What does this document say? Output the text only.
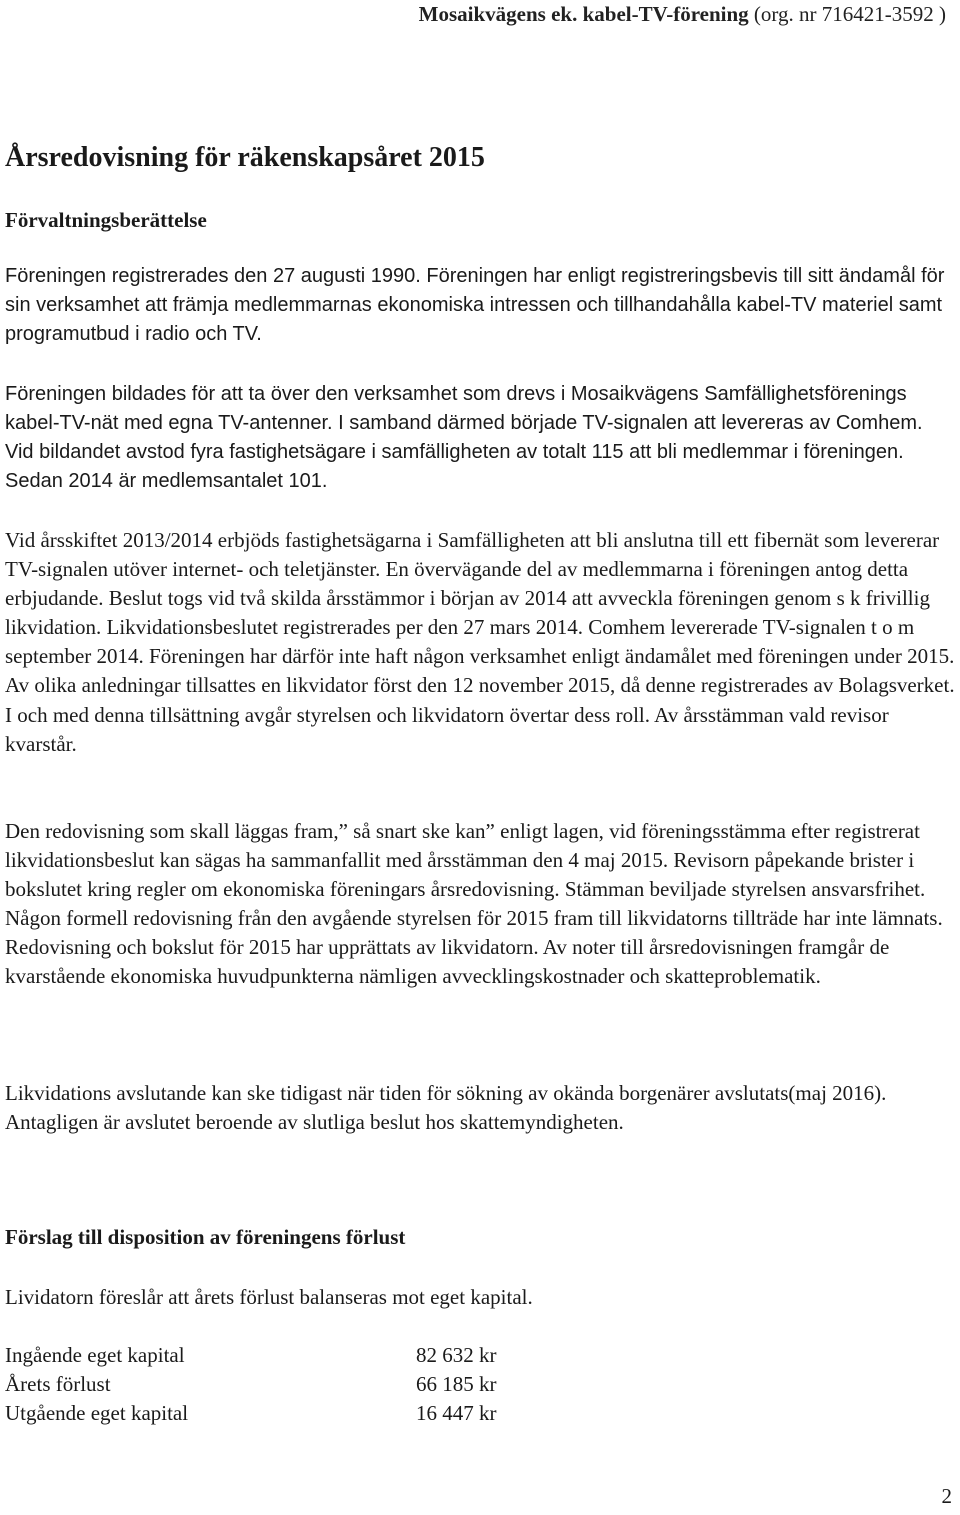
Mosaikvägens ek. kabel-TV-förening (org. nr 716421-3592 )
Årsredovisning för räkenskapsåret 2015
Förvaltningsberättelse

Föreningen registrerades den 27 augusti 1990. Föreningen har enligt registreringsbevis till sitt ändamål för sin verksamhet att främja medlemmarnas ekonomiska intressen och tillhandahålla kabel-TV materiel samt programutbud i radio och TV.

Föreningen bildades för att ta över den verksamhet som drevs i Mosaikvägens Samfällighetsförenings kabel-TV-nät med egna TV-antenner. I samband därmed började TV-signalen att levereras av Comhem. Vid bildandet avstod fyra fastighetsägare i samfälligheten av totalt 115 att bli medlemmar i föreningen. Sedan 2014 är medlemsantalet 101.

Vid årsskiftet 2013/2014 erbjöds fastighetsägarna i Samfälligheten att bli anslutna till ett fibernät som levererar TV-signalen utöver internet- och teletjänster. En övervägande del av medlemmarna i föreningen antog detta erbjudande. Beslut togs vid två skilda årsstämmor i början av 2014 att avveckla föreningen genom s k frivillig likvidation. Likvidationsbeslutet registrerades per den 27 mars 2014. Comhem levererade TV-signalen t o m september 2014. Föreningen har därför inte haft någon verksamhet enligt ändamålet med föreningen under 2015. Av olika anledningar tillsattes en likvidator först den 12 november 2015, då denne registrerades av Bolagsverket. I och med denna tillsättning avgår styrelsen och likvidatorn övertar dess roll. Av årsstämman vald revisor kvarstår.

Den redovisning som skall läggas fram,” så snart ske kan” enligt lagen, vid föreningsstämma efter registrerat likvidationsbeslut kan sägas ha sammanfallit med årsstämman den 4 maj 2015. Revisorn påpekande brister i bokslutet kring regler om ekonomiska föreningars årsredovisning. Stämman beviljade styrelsen ansvarsfrihet. Någon formell redovisning från den avgående styrelsen för 2015 fram till likvidatorns tillträde har inte lämnats. Redovisning och bokslut för 2015 har upprättats av likvidatorn. Av noter till årsredovisningen framgår de kvarstående ekonomiska huvudpunkterna nämligen avvecklingskostnader och skatteproblematik.

Likvidations avslutande kan ske tidigast när tiden för sökning av okända borgenärer avslutats(maj 2016). Antagligen är avslutet beroende av slutliga beslut hos skattemyndigheten.

Förslag till disposition av föreningens förlust

Lividatorn föreslår att årets förlust balanseras mot eget kapital.

Ingående eget kapital	82 632 kr
Årets förlust	66 185 kr
Utgående eget kapital	16 447 kr
2
